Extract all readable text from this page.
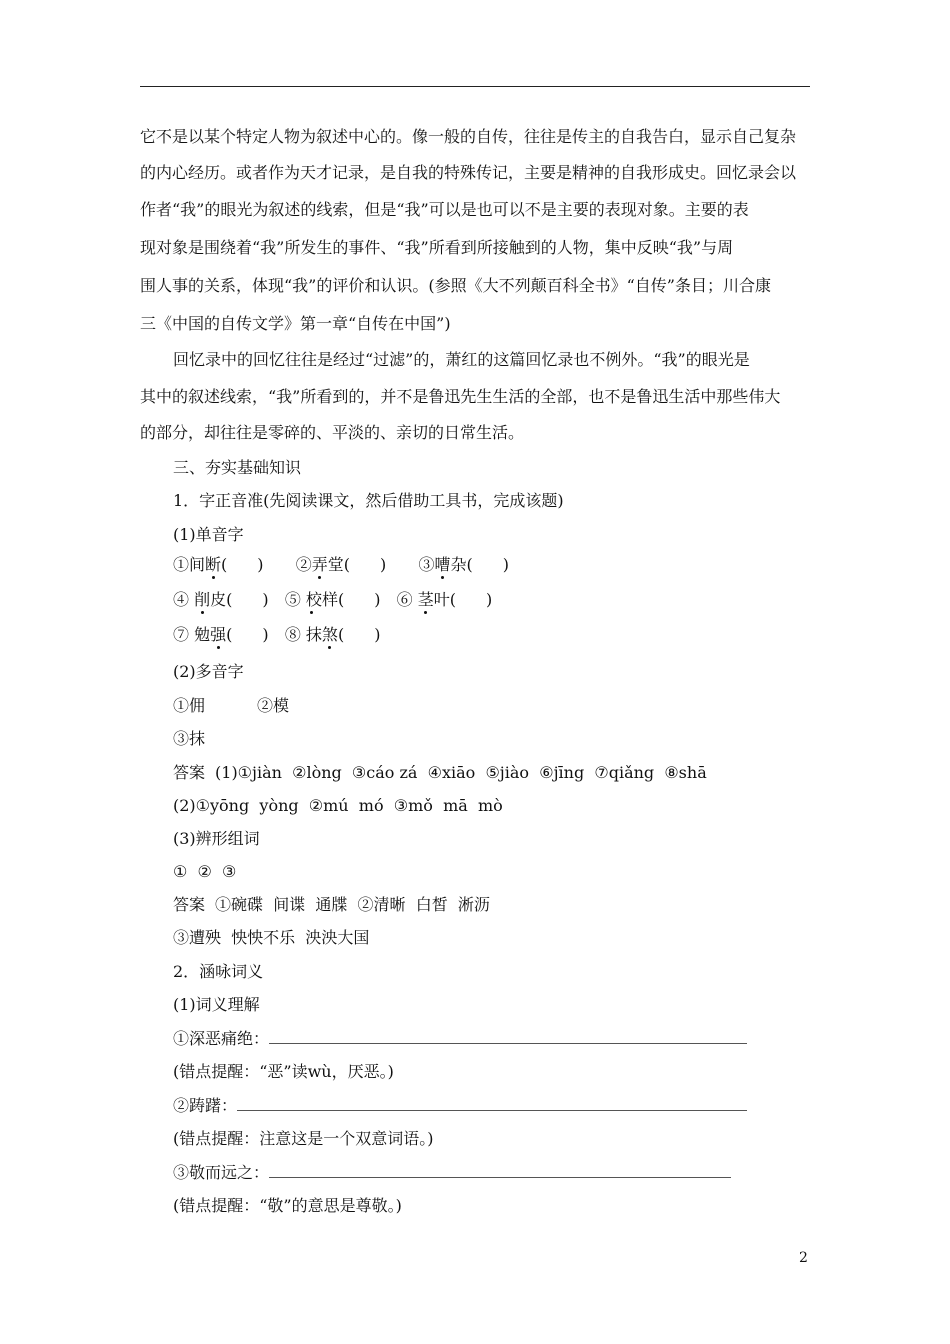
它不是以某个特定人物为叙述中心的。像一般的自传，往往是传主的自我告白，显示自己复杂
的内心经历。或者作为天才记录，是自我的特殊传记，主要是精神的自我形成史。回忆录会以
作者“我”的眼光为叙述的线索，但是“我”可以是也可以不是主要的表现对象。主要的表
现对象是围绕着“我”所发生的事件、“我”所看到所接触到的人物，集中反映“我”与周
围人事的关系，体现“我”的评价和认识。(参照《大不列颠百科全书》“自传”条目；川合康
三《中国的自传文学》第一章“自传在中国”)
回忆录中的回忆往往是经过“过滤”的，萧红的这篇回忆录也不例外。“我”的眼光是
其中的叙述线索，“我”所看到的，并不是鲁迅先生生活的全部，也不是鲁迅生活中那些伟大
的部分，却往往是零碎的、平淡的、亲切的日常生活。
三、夯实基础知识
1．字正音准(先阅读课文，然后借助工具书，完成该题)
(1)单音字
①间断( ) ②弄堂( ) ③嘈杂( )
④ 削皮( ) ⑤ 校样( ) ⑥ 茎叶( )
⑦ 勉强( ) ⑧ 抹煞( )
(2)多音字
①佣	②模
③抹
答案 (1)①jiàn  ②lòng  ③cáo zá  ④xiāo  ⑤jiào  ⑥jīng  ⑦qiǎng  ⑧shā
(2)①yōng  yòng  ②mú  mó  ③mǒ  mā  mò
(3)辨形组词
①  ②  ③
答案 ①碗碟  间谍  通牒  ②清晰  白皙  淅沥
③遭殃  怏怏不乐  泱泱大国
2．涵咏词义
(1)词义理解
①深恶痛绝：
(错点提醒：“恶”读wù，厌恶。)
②踌躇：
(错点提醒：注意这是一个双意词语。)
③敬而远之：
(错点提醒：“敬”的意思是尊敬。)
2
